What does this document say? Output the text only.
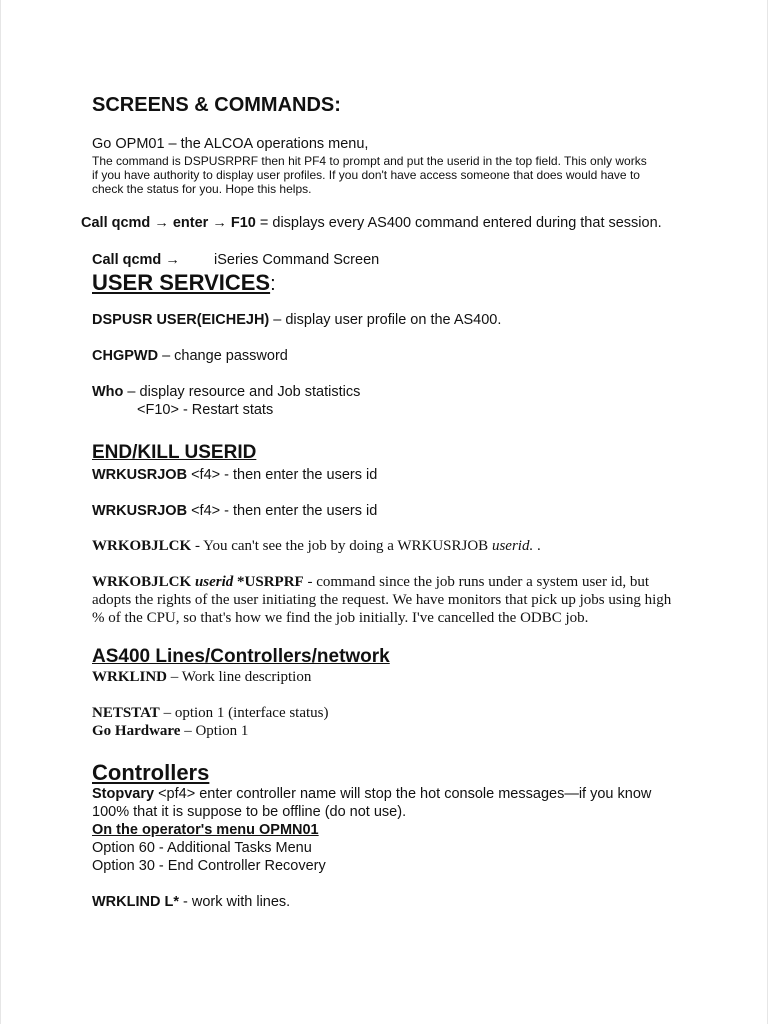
SCREENS & COMMANDS:
Go OPM01 – the ALCOA operations menu,
The command is DSPUSRPRF then hit PF4 to prompt and put the userid in the top field. This only works
if you have authority to display user profiles. If you don't have access someone that does would have to
check the status for you. Hope this helps.
Call qcmd → enter → F10 = displays every AS400 command entered during that session.
Call qcmd → iSeries Command Screen
USER SERVICES:
DSPUSR USER(EICHEJH) – display user profile on the AS400.
CHGPWD – change password
Who – display resource and Job statistics
<F10> - Restart stats
END/KILL USERID
WRKUSRJOB <f4> - then enter the users id
WRKUSRJOB <f4> - then enter the users id
WRKOBJLCK - You can't see the job by doing a WRKUSRJOB userid. .
WRKOBJLCK userid *USRPRF - command since the job runs under a system user id, but
adopts the rights of the user initiating the request. We have monitors that pick up jobs using high
% of the CPU, so that's how we find the job initially. I've cancelled the ODBC job.
AS400 Lines/Controllers/network
WRKLIND – Work line description
NETSTAT – option 1 (interface status)
Go Hardware – Option 1
Controllers
Stopvary <pf4> enter controller name will stop the hot console messages—if you know
100% that it is suppose to be offline (do not use).
On the operator's menu OPMN01
Option 60 - Additional Tasks Menu
Option 30 - End Controller Recovery
WRKLIND L* - work with lines.
